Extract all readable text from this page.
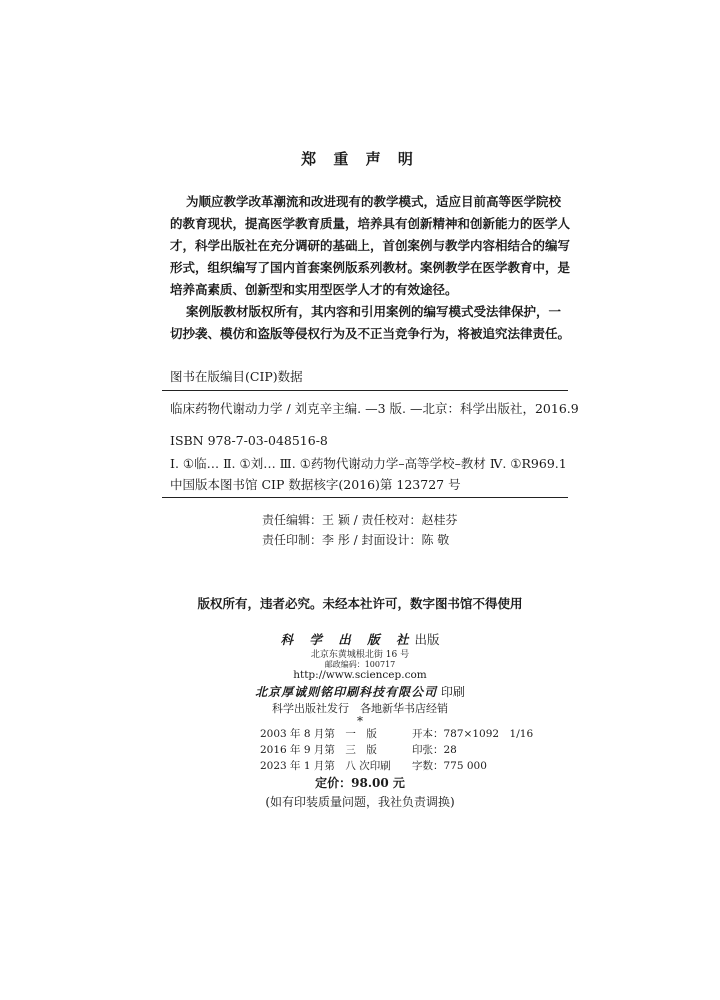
郑 重 声 明
为顺应教学改革潮流和改进现有的教学模式，适应目前高等医学院校
的教育现状，提高医学教育质量，培养具有创新精神和创新能力的医学人
才，科学出版社在充分调研的基础上，首创案例与教学内容相结合的编写
形式，组织编写了国内首套案例版系列教材。案例教学在医学教育中，是
培养高素质、创新型和实用型医学人才的有效途径。
案例版教材版权所有，其内容和引用案例的编写模式受法律保护，一
切抄袭、模仿和盗版等侵权行为及不正当竞争行为，将被追究法律责任。
图书在版编目(CIP)数据
临床药物代谢动力学 / 刘克辛主编. —3 版. —北京：科学出版社，2016.9
ISBN 978-7-03-048516-8
Ⅰ. ①临… Ⅱ. ①刘… Ⅲ. ①药物代谢动力学–高等学校–教材 Ⅳ. ①R969.1
中国版本图书馆 CIP 数据核字(2016)第 123727 号
责任编辑：王 颖 / 责任校对：赵桂芬
责任印制：李 彤 / 封面设计：陈 敬
版权所有，违者必究。未经本社许可，数字图书馆不得使用
科 学 出 版 社出版
北京东黄城根北街 16 号
邮政编码：100717
http://www.sciencep.com
北京厚诚则铭印刷科技有限公司 印刷
科学出版社发行　各地新华书店经销
*
2003 年 8 月第　一　版	开本：787×1092　1/16
2016 年 9 月第　三　版	印张：28
2023 年 1 月第　八 次印刷 字数：775 000
定价：98.00 元
(如有印装质量问题，我社负责调换)
